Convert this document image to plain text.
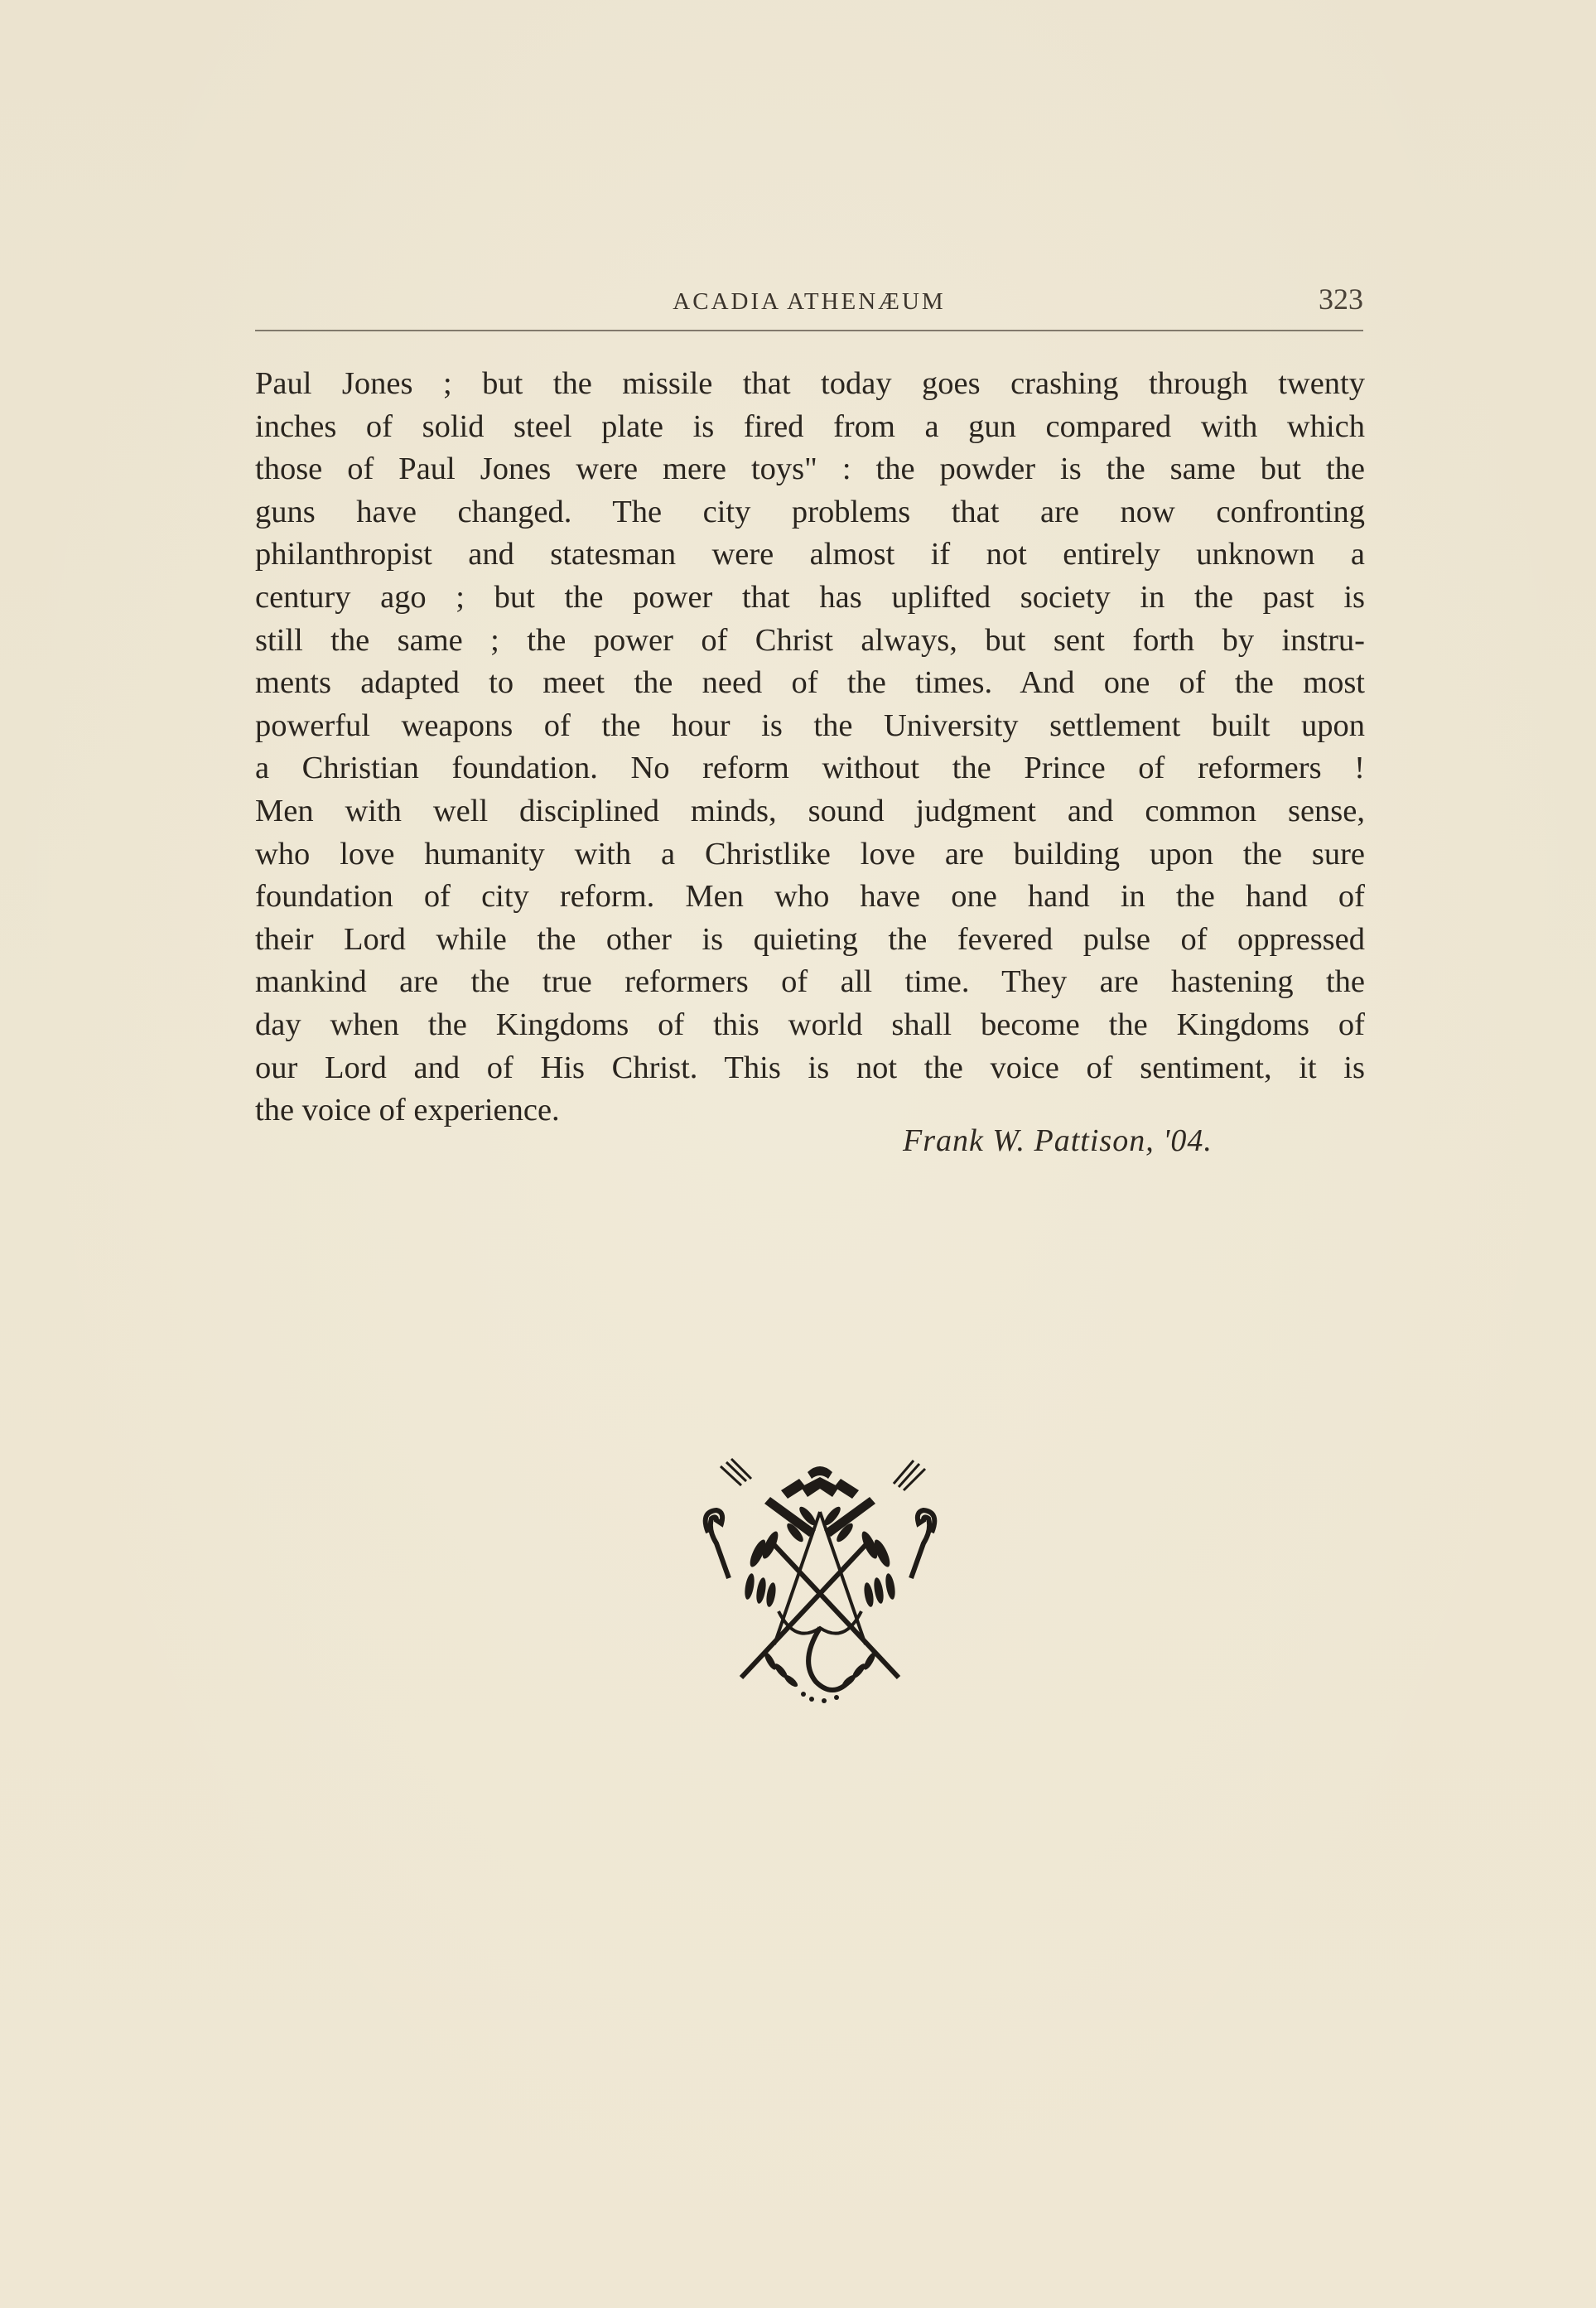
ACADIA ATHENÆUM	323

Paul Jones ; but the missile that today goes crashing through twenty
inches of solid steel plate is fired from a gun compared with which
those of Paul Jones were mere toys" : the powder is the same but the
guns have changed. The city problems that are now confronting
philanthropist and statesman were almost if not entirely unknown a
century ago ; but the power that has uplifted society in the past is
still the same ; the power of Christ always, but sent forth by instru-
ments adapted to meet the need of the times. And one of the most
powerful weapons of the hour is the University settlement built upon
a Christian foundation. No reform without the Prince of reformers !
Men with well disciplined minds, sound judgment and common sense,
who love humanity with a Christlike love are building upon the sure
foundation of city reform. Men who have one hand in the hand of
their Lord while the other is quieting the fevered pulse of oppressed
mankind are the true reformers of all time. They are hastening the
day when the Kingdoms of this world shall become the Kingdoms of
our Lord and of His Christ. This is not the voice of sentiment, it is
the voice of experience.

Frank W. Pattison, '04.
